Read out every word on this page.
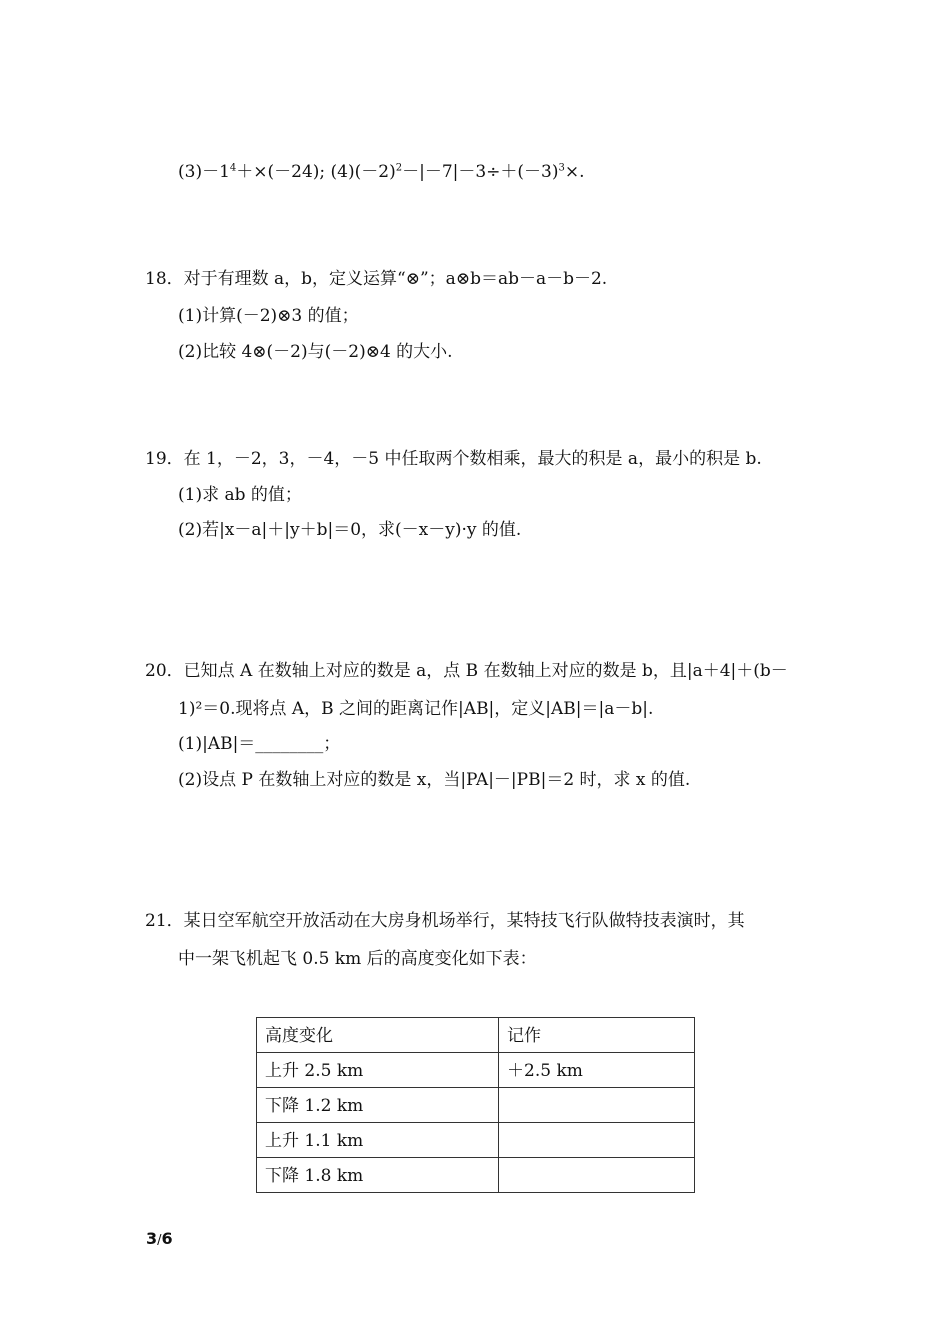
$(3)-1^4+\times(-24)$; $(4)(-2)^2-|-7|-3\div+(-3)^3\times$.
18．对于有理数 a，b，定义运算“⊗”；a⊗b＝ab－a－b－2.
(1)计算(－2)⊗3 的值；
(2)比较 4⊗(－2)与(－2)⊗4 的大小.
19．在 1，－2，3，－4，－5 中任取两个数相乘，最大的积是 a，最小的积是 b.
(1)求 ab 的值；
(2)若|x－a|＋|y＋b|＝0，求(－x－y)·y 的值.
20．已知点 A 在数轴上对应的数是 a，点 B 在数轴上对应的数是 b，且|a＋4|＋(b－
1)²＝0.现将点 A，B 之间的距离记作|AB|，定义|AB|＝|a－b|.
(1)|AB|＝________；
(2)设点 P 在数轴上对应的数是 x，当|PA|－|PB|＝2 时，求 x 的值.
21．某日空军航空开放活动在大房身机场举行，某特技飞行队做特技表演时，其
中一架飞机起飞 0.5 km 后的高度变化如下表：
高度变化	记作
上升 2.5 km	＋2.5 km
下降 1.2 km	
上升 1.1 km	
下降 1.8 km	
3/6
